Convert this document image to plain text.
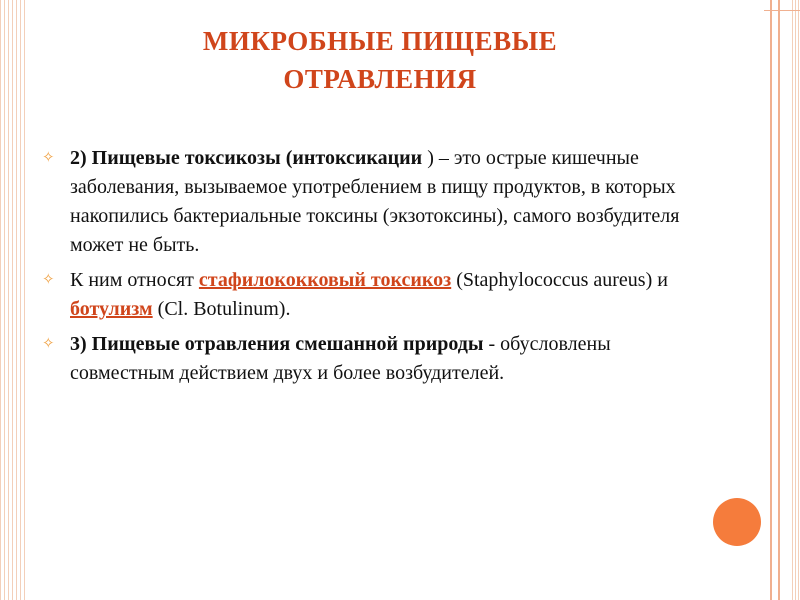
МИКРОБНЫЕ ПИЩЕВЫЕ
ОТРАВЛЕНИЯ
✧ 2) Пищевые токсикозы (интоксикации ) – это острые кишечные заболевания, вызываемое употреблением в пищу продуктов, в которых накопились бактериальные токсины (экзотоксины), самого возбудителя может не быть.
✧ К ним относят стафилококковый токсикоз (Staphylococcus aureus) и ботулизм (Cl. Botulinum).
✧ 3) Пищевые отравления смешанной природы - обусловлены совместным действием двух и более возбудителей.
